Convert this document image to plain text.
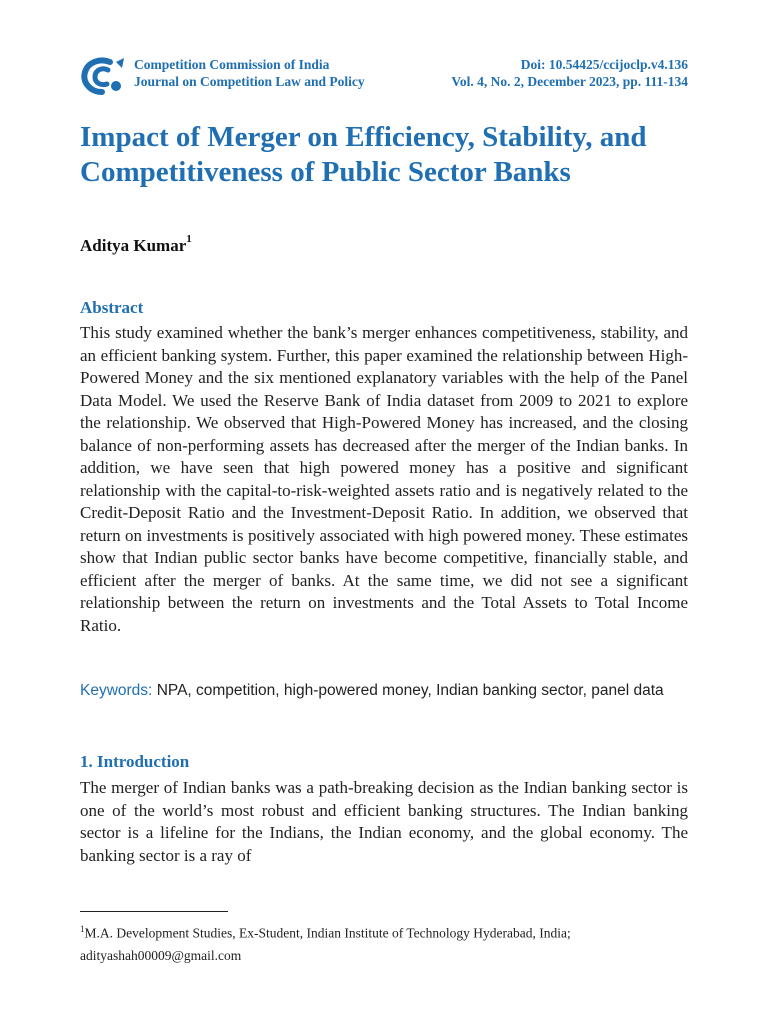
Competition Commission of India
Journal on Competition Law and Policy
Doi: 10.54425/ccijoclp.v4.136
Vol. 4, No. 2, December 2023, pp. 111-134
Impact of Merger on Efficiency, Stability, and Competitiveness of Public Sector Banks
Aditya Kumar$^1$
Abstract

This study examined whether the bank’s merger enhances competitiveness, stability, and an efficient banking system. Further, this paper examined the relationship between High-Powered Money and the six mentioned explanatory variables with the help of the Panel Data Model. We used the Reserve Bank of India dataset from 2009 to 2021 to explore the relationship. We observed that High-Powered Money has increased, and the closing balance of non-performing assets has decreased after the merger of the Indian banks. In addition, we have seen that high powered money has a positive and significant relationship with the capital-to-risk-weighted assets ratio and is negatively related to the Credit-Deposit Ratio and the Investment-Deposit Ratio. In addition, we observed that return on investments is positively associated with high powered money. These estimates show that Indian public sector banks have become competitive, financially stable, and efficient after the merger of banks. At the same time, we did not see a significant relationship between the return on investments and the Total Assets to Total Income Ratio.

Keywords: NPA, competition, high-powered money, Indian banking sector, panel data
1. Introduction

The merger of Indian banks was a path-breaking decision as the Indian banking sector is one of the world’s most robust and efficient banking structures. The Indian banking sector is a lifeline for the Indians, the Indian economy, and the global economy. The banking sector is a ray of

$^1$M.A. Development Studies, Ex-Student, Indian Institute of Technology Hyderabad, India; adityashah00009@gmail.com
